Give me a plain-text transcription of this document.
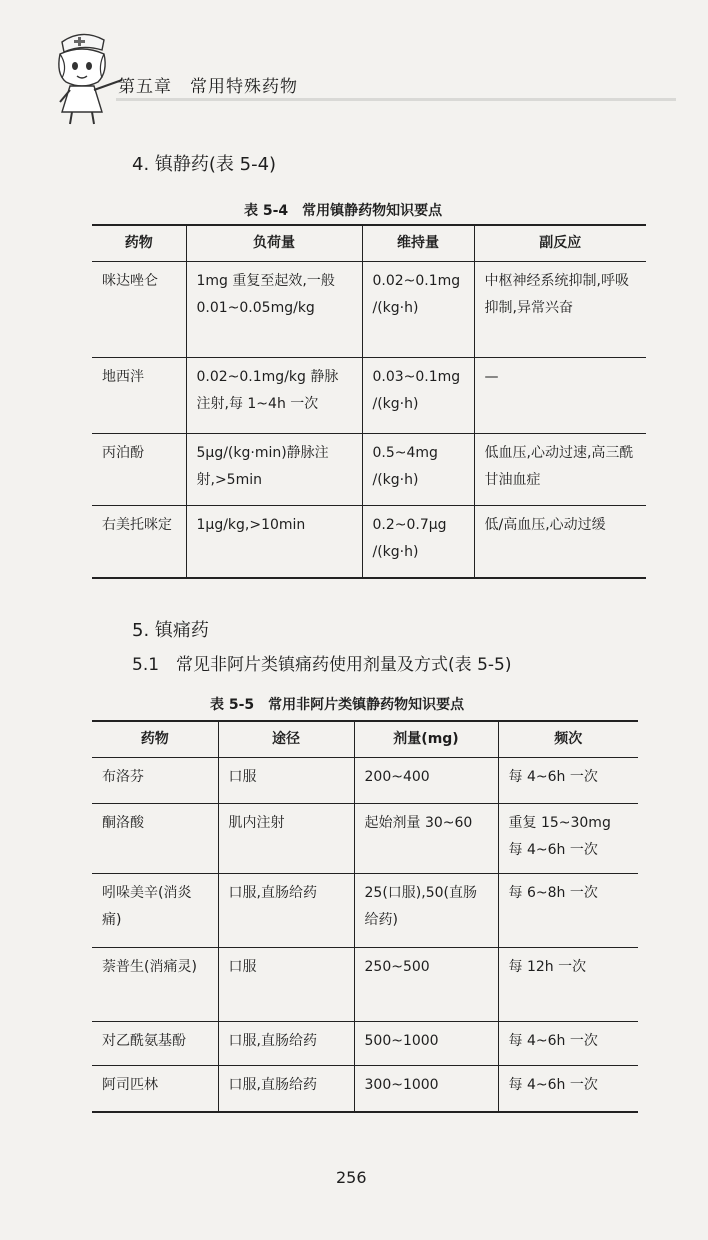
第五章　常用特殊药物
4. 镇静药(表 5-4)
表 5-4　常用镇静药物知识要点
药物	负荷量	维持量	副反应
咪达唑仑	1mg 重复至起效,一般 0.01~0.05mg/kg	0.02~0.1mg /(kg·h)	中枢神经系统抑制,呼吸抑制,异常兴奋
地西泮	0.02~0.1mg/kg 静脉注射,每 1~4h 一次	0.03~0.1mg /(kg·h)	—
丙泊酚	5μg/(kg·min)静脉注射,>5min	0.5~4mg /(kg·h)	低血压,心动过速,高三酰甘油血症
右美托咪定	1μg/kg,>10min	0.2~0.7μg /(kg·h)	低/高血压,心动过缓
5. 镇痛药
5.1　常见非阿片类镇痛药使用剂量及方式(表 5-5)
表 5-5　常用非阿片类镇静药物知识要点
药物	途径	剂量(mg)	频次
布洛芬	口服	200~400	每 4~6h 一次
酮洛酸	肌内注射	起始剂量 30~60	重复 15~30mg 每 4~6h 一次
吲哚美辛(消炎痛)	口服,直肠给药	25(口服),50(直肠给药)	每 6~8h 一次
萘普生(消痛灵)	口服	250~500	每 12h 一次
对乙酰氨基酚	口服,直肠给药	500~1000	每 4~6h 一次
阿司匹林	口服,直肠给药	300~1000	每 4~6h 一次
256
